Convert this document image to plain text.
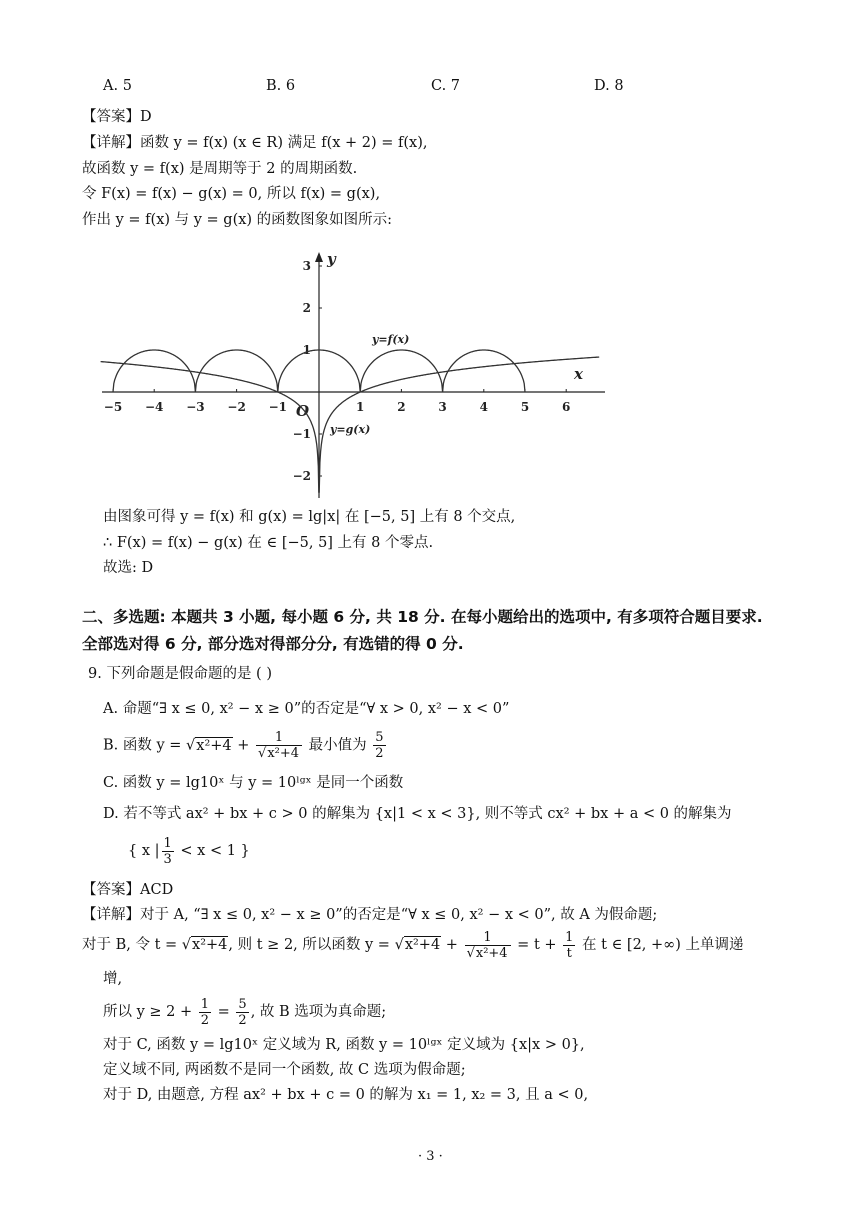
A. 5	B. 6	C. 7	D. 8
【答案】D
【详解】函数 y = f(x) (x ∈ R) 满足 f(x + 2) = f(x),
故函数 y = f(x) 是周期等于 2 的周期函数.
令 F(x) = f(x) − g(x) = 0, 所以 f(x) = g(x),
作出 y = f(x) 与 y = g(x) 的函数图象如图所示:
−5 −4 −3 −2 −1	1	2	3	4	5	6
3
2
1
−1
−2
x
y
O
y=f(x)
y=g(x)
由图象可得 y = f(x) 和 g(x) = lg|x| 在 [−5, 5] 上有 8 个交点,
∴ F(x) = f(x) − g(x) 在 ∈ [−5, 5] 上有 8 个零点.
故选: D
二、多选题: 本题共 3 小题, 每小题 6 分, 共 18 分. 在每小题给出的选项中, 有多项符合题目要求.
全部选对得 6 分, 部分选对得部分分, 有选错的得 0 分.
9. 下列命题是假命题的是 ( )
A. 命题“∃ x ≤ 0, x² − x ≥ 0”的否定是“∀ x > 0, x² − x < 0”
B. 函数 $y = √x^2+4 + \frac{1}{\text{√x²+4}}$ 最小值为 $\frac{5}{2}$
C. 函数 y = lg10ˣ 与 y = 10ˡᵍˣ 是同一个函数
D. 若不等式 ax² + bx + c > 0 的解集为 {x|1 < x < 3}, 则不等式 cx² + bx + a < 0 的解集为
{ x | $\frac{1}{3} < x < 1$ }
【答案】ACD
【详解】对于 A, “∃ x ≤ 0, x² − x ≥ 0”的否定是“∀ x ≤ 0, x² − x < 0”, 故 A 为假命题;
对于 B, 令 t = √x²+4, 则 t ≥ 2, 所以函数 $y = √x^2+4 + \frac{1}{\text{√x²+4}} = t + \frac{1}{t}$ 在 t ∈ [2, +∞) 上单调递
增,
所以 $y \ge 2 + \frac{1}{2} = \frac{5}{2}$ , 故 B 选项为真命题;
对于 C, 函数 y = lg10ˣ 定义域为 R, 函数 y = 10ˡᵍˣ 定义域为 {x|x > 0},
定义域不同, 两函数不是同一个函数, 故 C 选项为假命题;
对于 D, 由题意, 方程 ax² + bx + c = 0 的解为 x₁ = 1, x₂ = 3, 且 a < 0,
· 3 ·
